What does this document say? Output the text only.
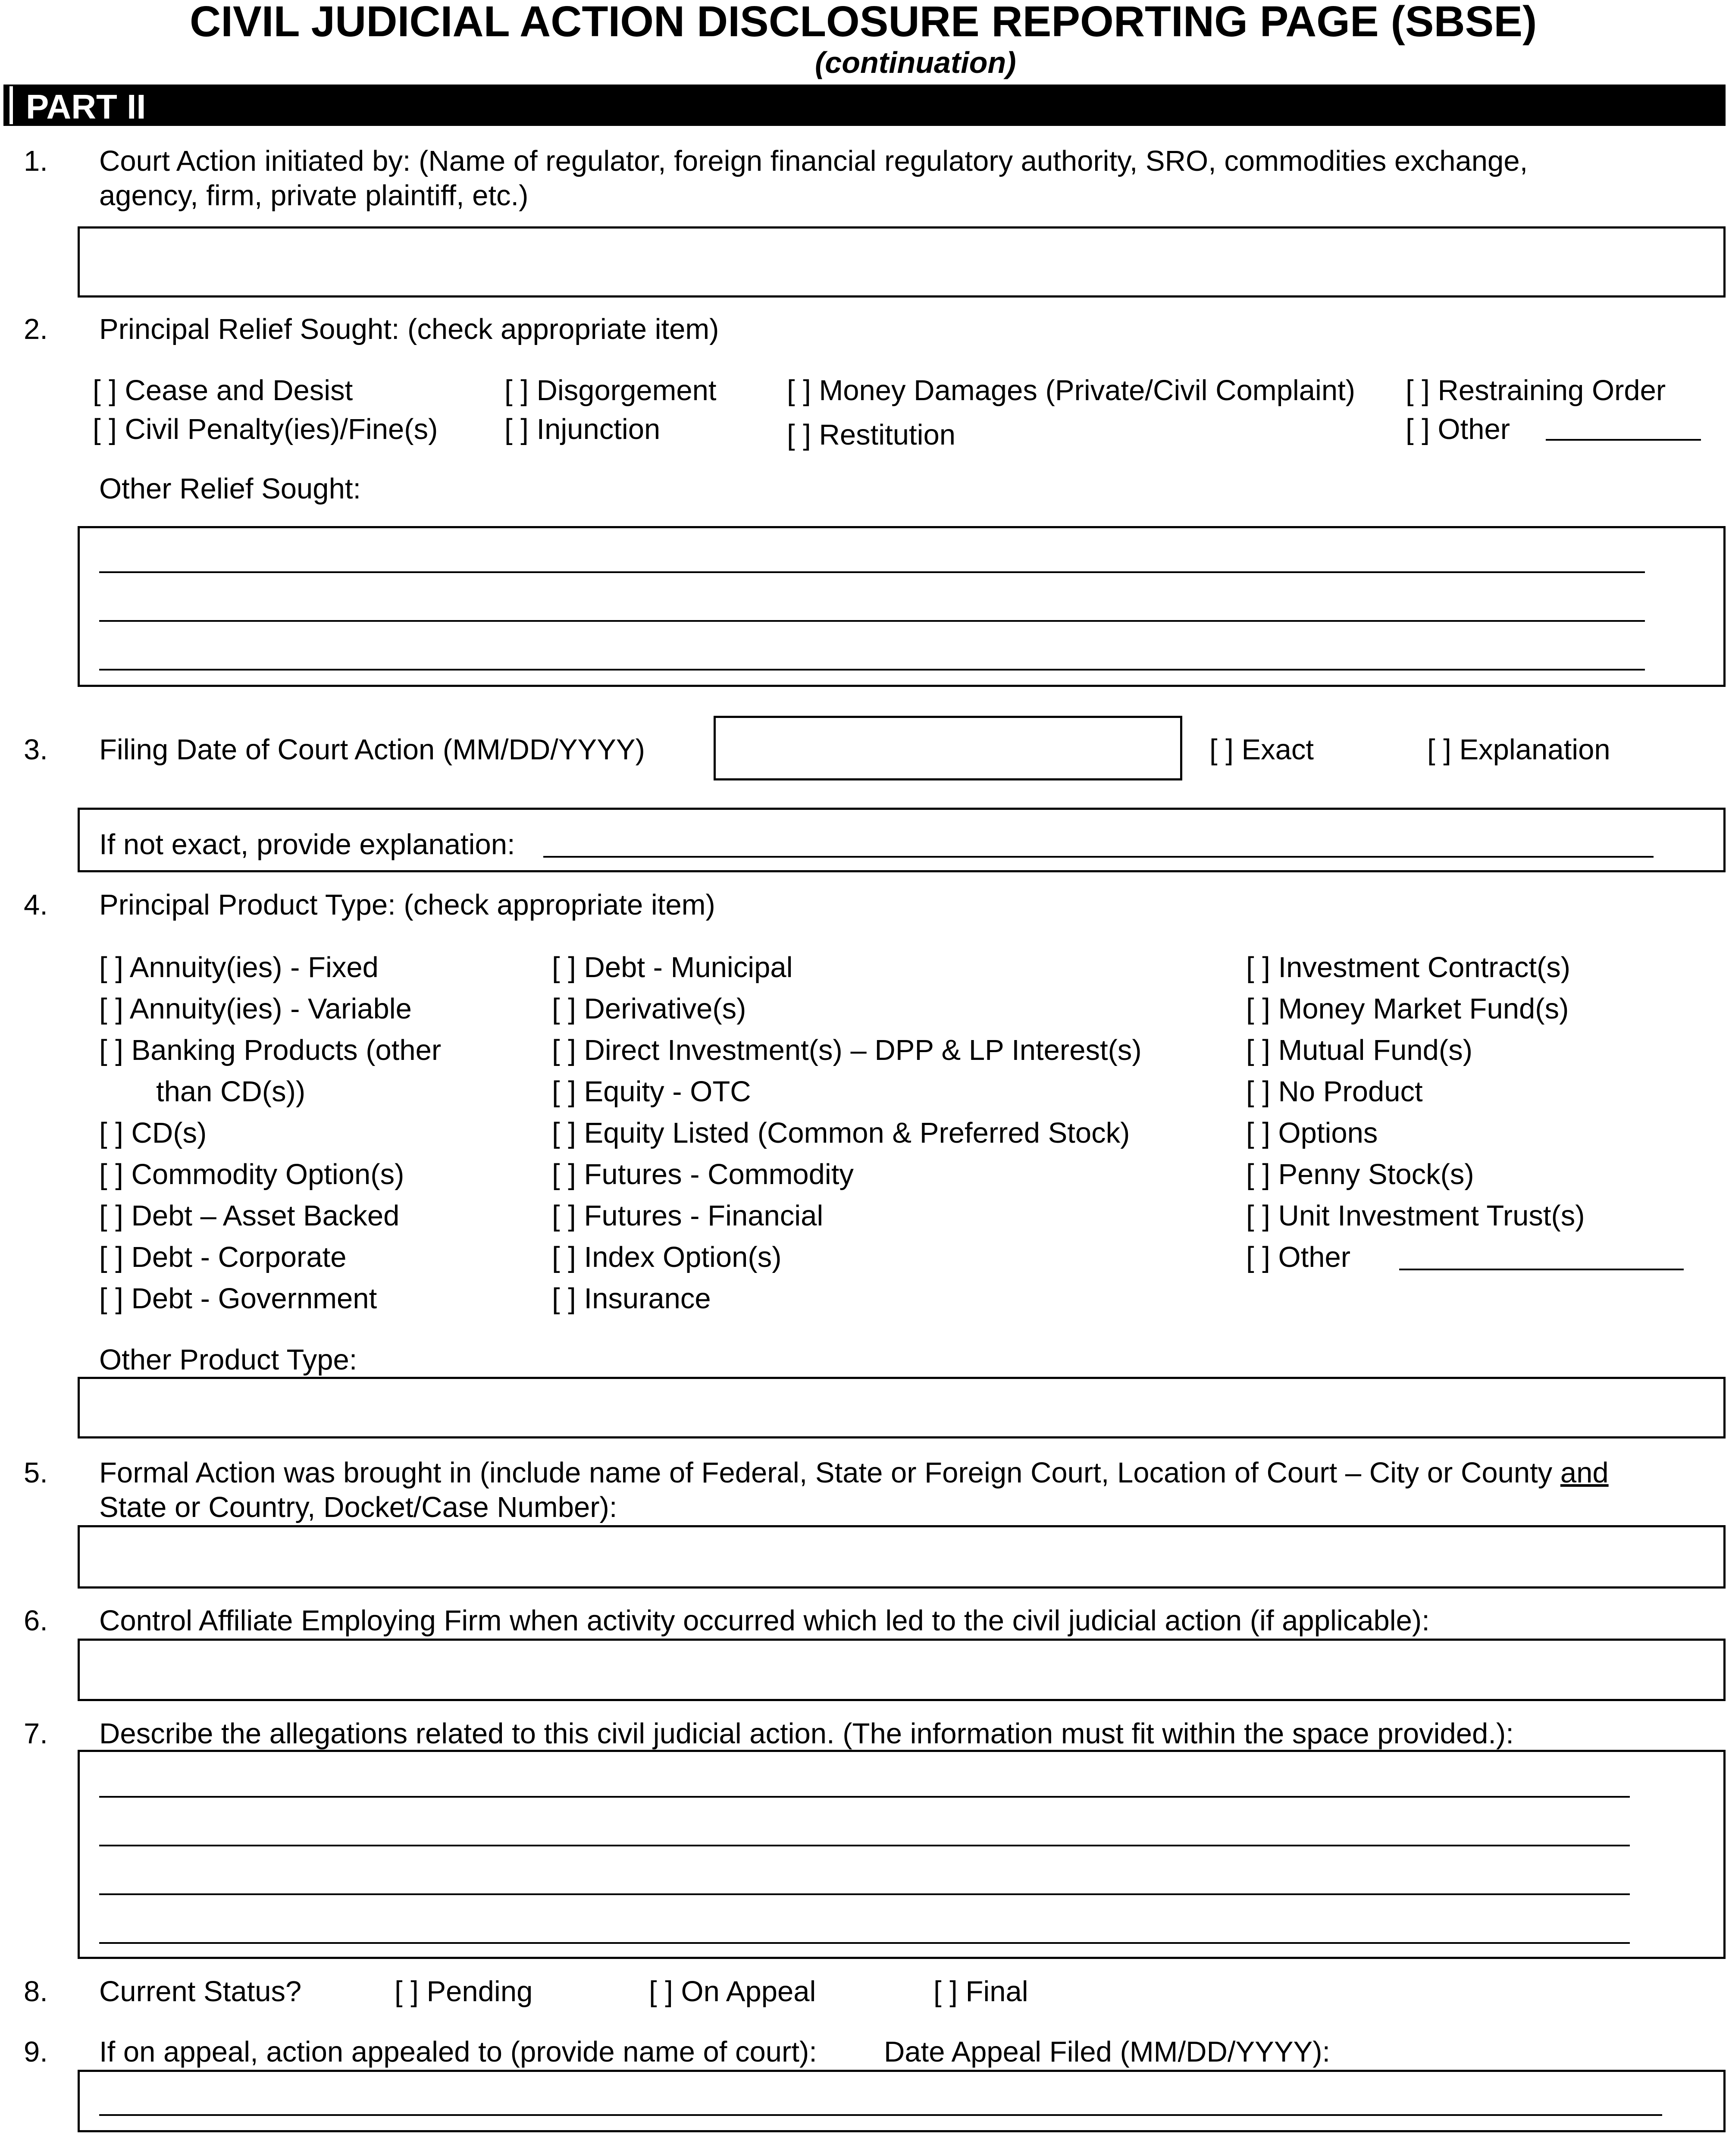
CIVIL JUDICIAL ACTION DISCLOSURE REPORTING PAGE (SBSE)
(continuation)
PART II
1. Court Action initiated by: (Name of regulator, foreign financial regulatory authority, SRO, commodities exchange,
agency, firm, private plaintiff, etc.)
2. Principal Relief Sought: (check appropriate item)
[ ] Cease and Desist
[ ] Civil Penalty(ies)/Fine(s)
[ ] Disgorgement
[ ] Injunction
[ ] Money Damages (Private/Civil Complaint)
[ ] Restitution
[ ] Restraining Order
[ ] Other
Other Relief Sought:
3. Filing Date of Court Action (MM/DD/YYYY)	[ ] Exact	[ ] Explanation
If not exact, provide explanation:
4. Principal Product Type: (check appropriate item)
[ ] Annuity(ies) - Fixed
[ ] Annuity(ies) - Variable
[ ] Banking Products (other
than CD(s))
[ ] CD(s)
[ ] Commodity Option(s)
[ ] Debt – Asset Backed
[ ] Debt - Corporate
[ ] Debt - Government
[ ] Debt - Municipal
[ ] Derivative(s)
[ ] Direct Investment(s) – DPP & LP Interest(s)
[ ] Equity - OTC
[ ] Equity Listed (Common & Preferred Stock)
[ ] Futures - Commodity
[ ] Futures - Financial
[ ] Index Option(s)
[ ] Insurance
[ ] Investment Contract(s)
[ ] Money Market Fund(s)
[ ] Mutual Fund(s)
[ ] No Product
[ ] Options
[ ] Penny Stock(s)
[ ] Unit Investment Trust(s)
[ ] Other
Other Product Type:
5. Formal Action was brought in (include name of Federal, State or Foreign Court, Location of Court – City or County and
State or Country, Docket/Case Number):
6. Control Affiliate Employing Firm when activity occurred which led to the civil judicial action (if applicable):
7. Describe the allegations related to this civil judicial action. (The information must fit within the space provided.):
8. Current Status?	[ ] Pending	[ ] On Appeal	[ ] Final
9. If on appeal, action appealed to (provide name of court): Date Appeal Filed (MM/DD/YYYY):
